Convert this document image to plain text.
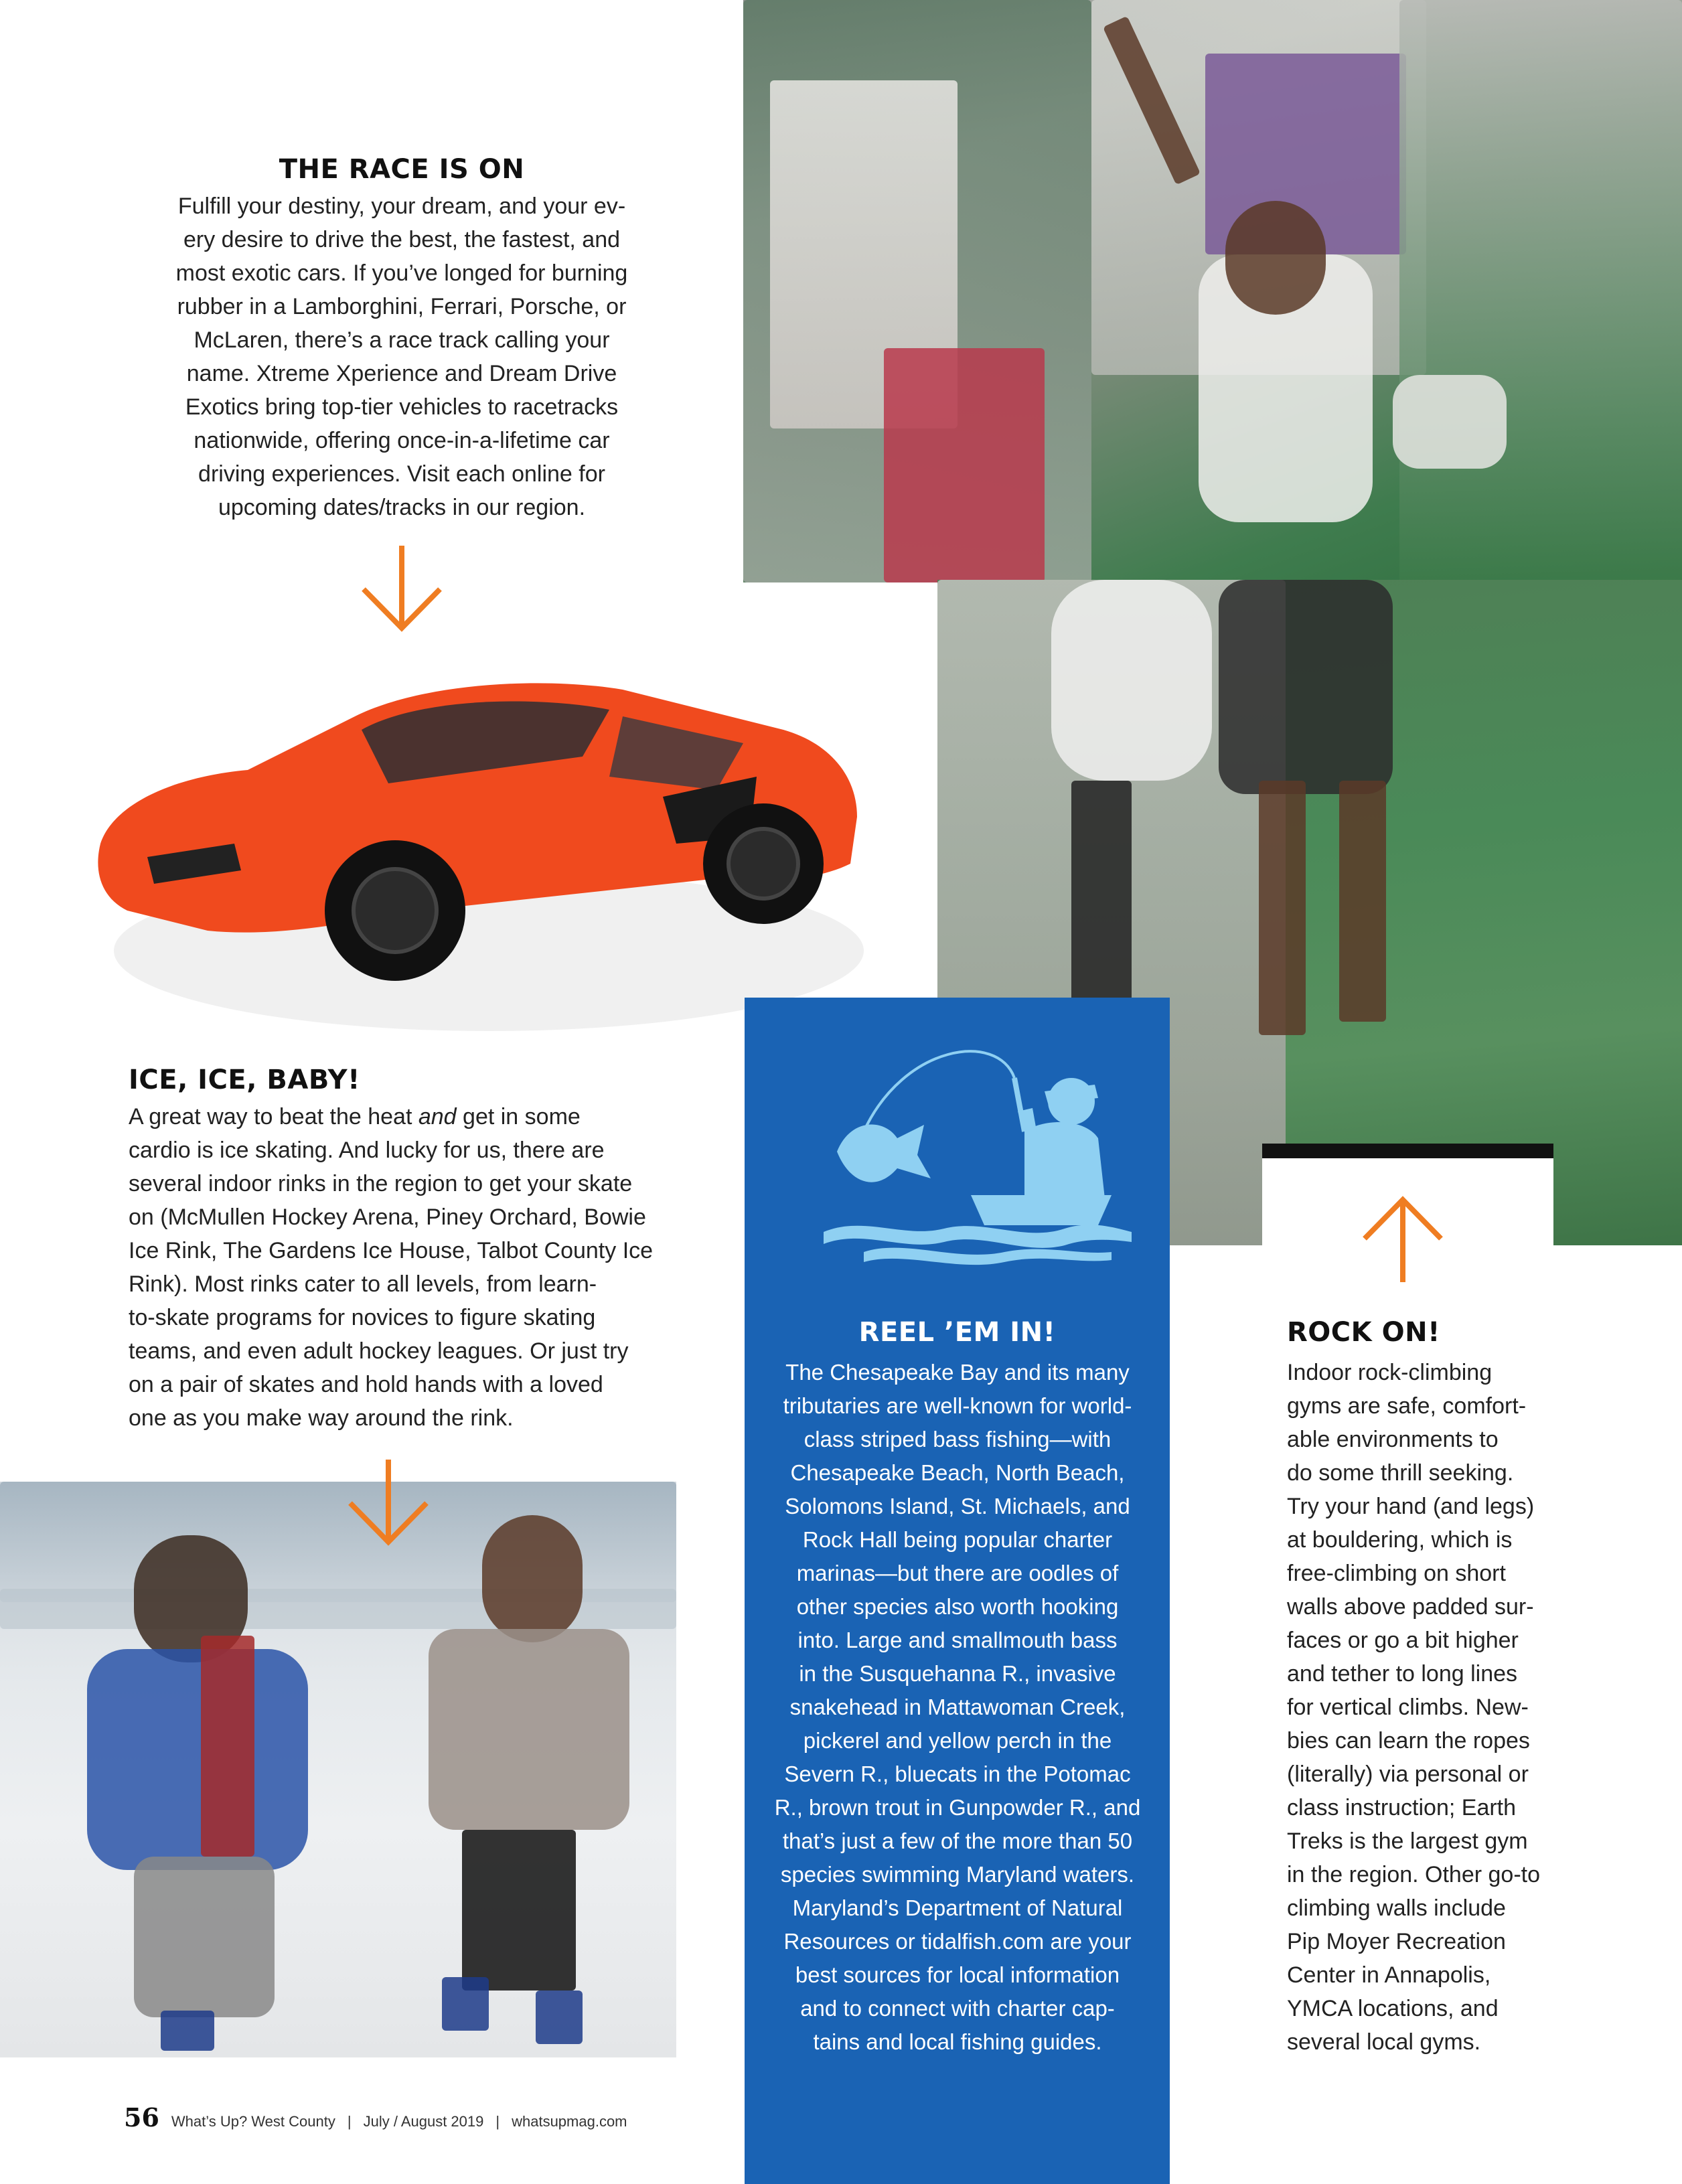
THE RACE IS ON
Fulfill your destiny, your dream, and your ev-
ery desire to drive the best, the fastest, and
most exotic cars. If you’ve longed for burning
rubber in a Lamborghini, Ferrari, Porsche, or
McLaren, there’s a race track calling your
name. Xtreme Xperience and Dream Drive
Exotics bring top-tier vehicles to racetracks
nationwide, offering once-in-a-lifetime car
driving experiences. Visit each online for
upcoming dates/tracks in our region.
ICE, ICE, BABY!
A great way to beat the heat and get in some
cardio is ice skating. And lucky for us, there are
several indoor rinks in the region to get your skate
on (McMullen Hockey Arena, Piney Orchard, Bowie
Ice Rink, The Gardens Ice House, Talbot County Ice
Rink). Most rinks cater to all levels, from learn-
to-skate programs for novices to figure skating
teams, and even adult hockey leagues. Or just try
on a pair of skates and hold hands with a loved
one as you make way around the rink.
REEL ’EM IN!
The Chesapeake Bay and its many
tributaries are well-known for world-
class striped bass fishing—with
Chesapeake Beach, North Beach,
Solomons Island, St. Michaels, and
Rock Hall being popular charter
marinas—but there are oodles of
other species also worth hooking
into. Large and smallmouth bass
in the Susquehanna R., invasive
snakehead in Mattawoman Creek,
pickerel and yellow perch in the
Severn R., bluecats in the Potomac
R., brown trout in Gunpowder R., and
that’s just a few of the more than 50
species swimming Maryland waters.
Maryland’s Department of Natural
Resources or tidalfish.com are your
best sources for local information
and to connect with charter cap-
tains and local fishing guides.
ROCK ON!
Indoor rock-climbing
gyms are safe, comfort-
able environments to
do some thrill seeking.
Try your hand (and legs)
at bouldering, which is
free-climbing on short
walls above padded sur-
faces or go a bit higher
and tether to long lines
for vertical climbs. New-
bies can learn the ropes
(literally) via personal or
class instruction; Earth
Treks is the largest gym
in the region. Other go-to
climbing walls include
Pip Moyer Recreation
Center in Annapolis,
YMCA locations, and
several local gyms.
56 What’s Up? West County | July / August 2019 | whatsupmag.com
